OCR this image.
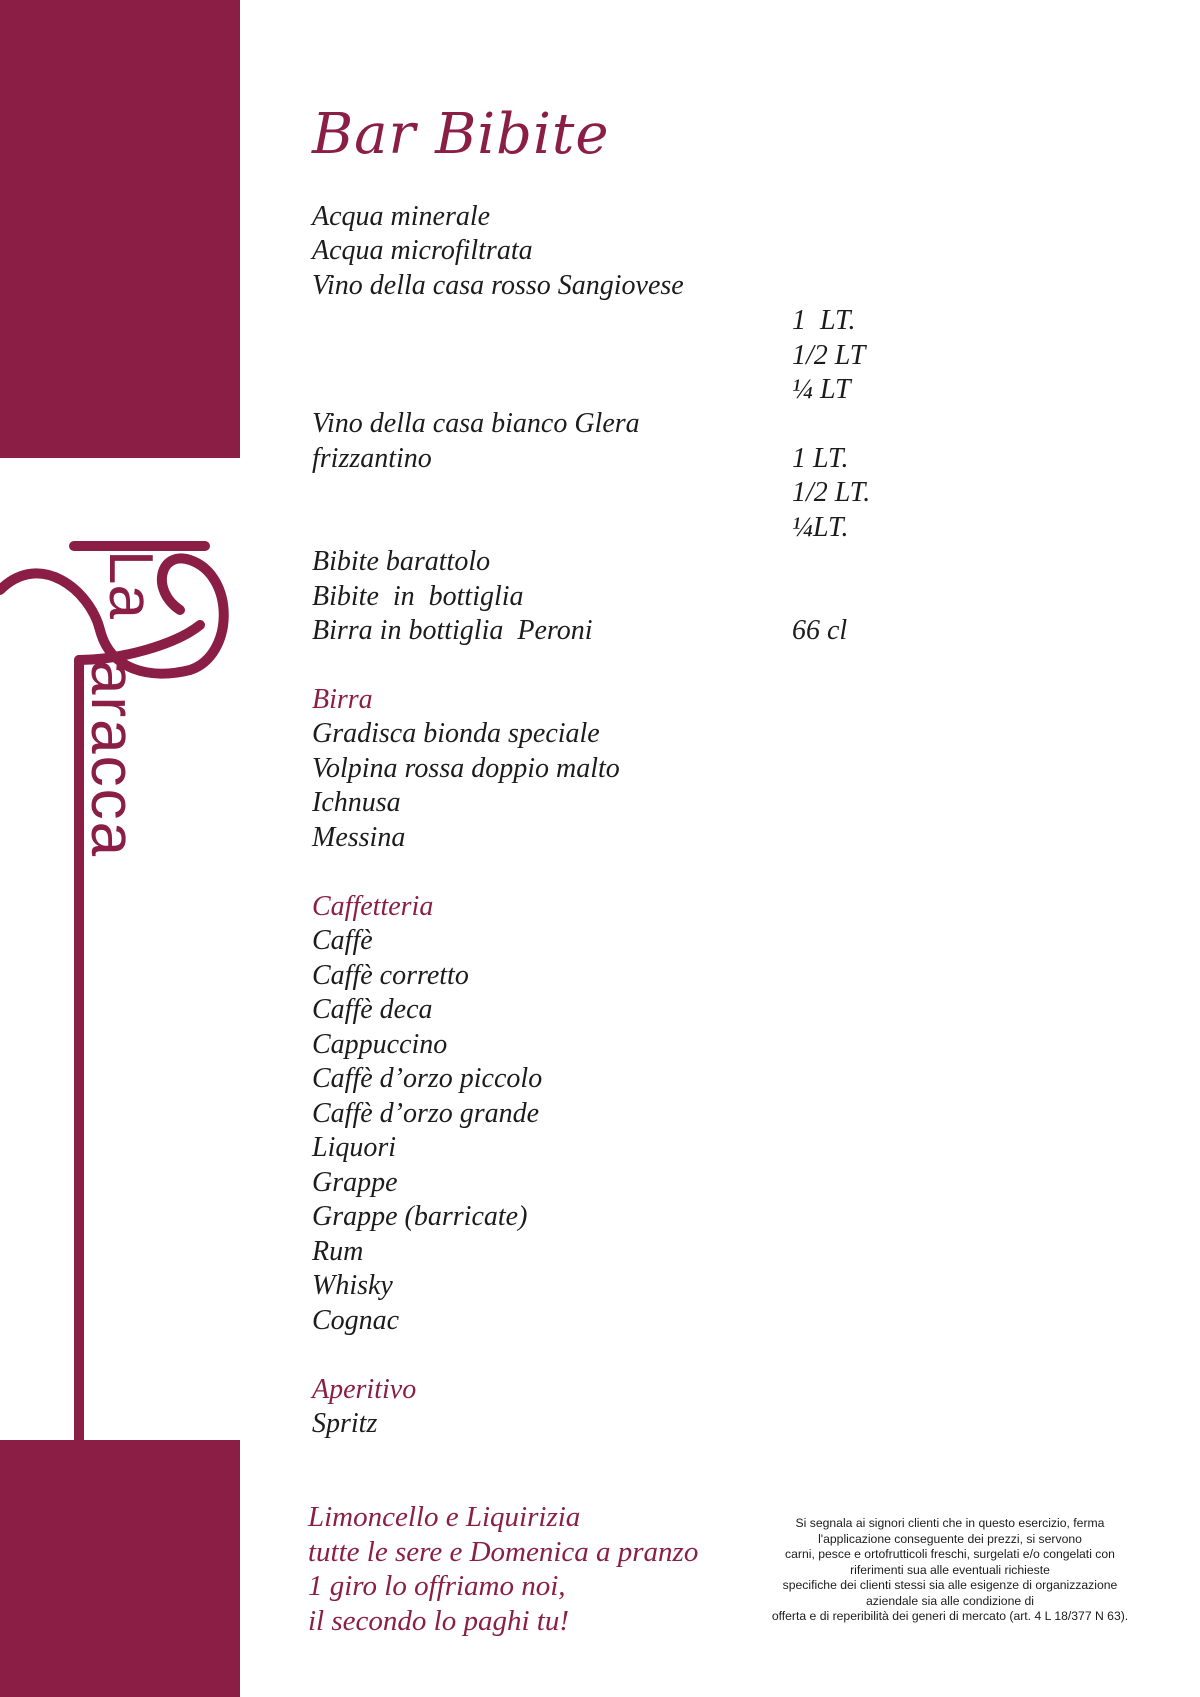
La
aracca
Bar Bibite
Acqua minerale
Acqua microfiltrata
Vino della casa rosso Sangiovese
1  LT.
1/2 LT
¼ LT
Vino della casa bianco Glera
frizzantino	1 LT.
1/2 LT.
¼LT.
Bibite barattolo
Bibite  in  bottiglia
Birra in bottiglia  Peroni	66 cl
Birra
Gradisca bionda speciale
Volpina rossa doppio malto
Ichnusa
Messina
Caffetteria
Caffè
Caffè corretto
Caffè deca
Cappuccino
Caffè d’orzo piccolo
Caffè d’orzo grande
Liquori
Grappe
Grappe (barricate)
Rum
Whisky
Cognac
Aperitivo
Spritz
Limoncello e Liquirizia
tutte le sere e Domenica a pranzo
1 giro lo offriamo noi,
il secondo lo paghi tu!
Si segnala ai signori clienti che in questo esercizio, ferma
l'applicazione conseguente dei prezzi, si servono
carni, pesce e ortofrutticoli freschi, surgelati e/o congelati con
riferimenti sua alle eventuali richieste
specifiche dei clienti stessi sia alle esigenze di organizzazione
aziendale sia alle condizione di
offerta e di reperibilità dei generi di mercato (art. 4 L 18/377 N 63).
